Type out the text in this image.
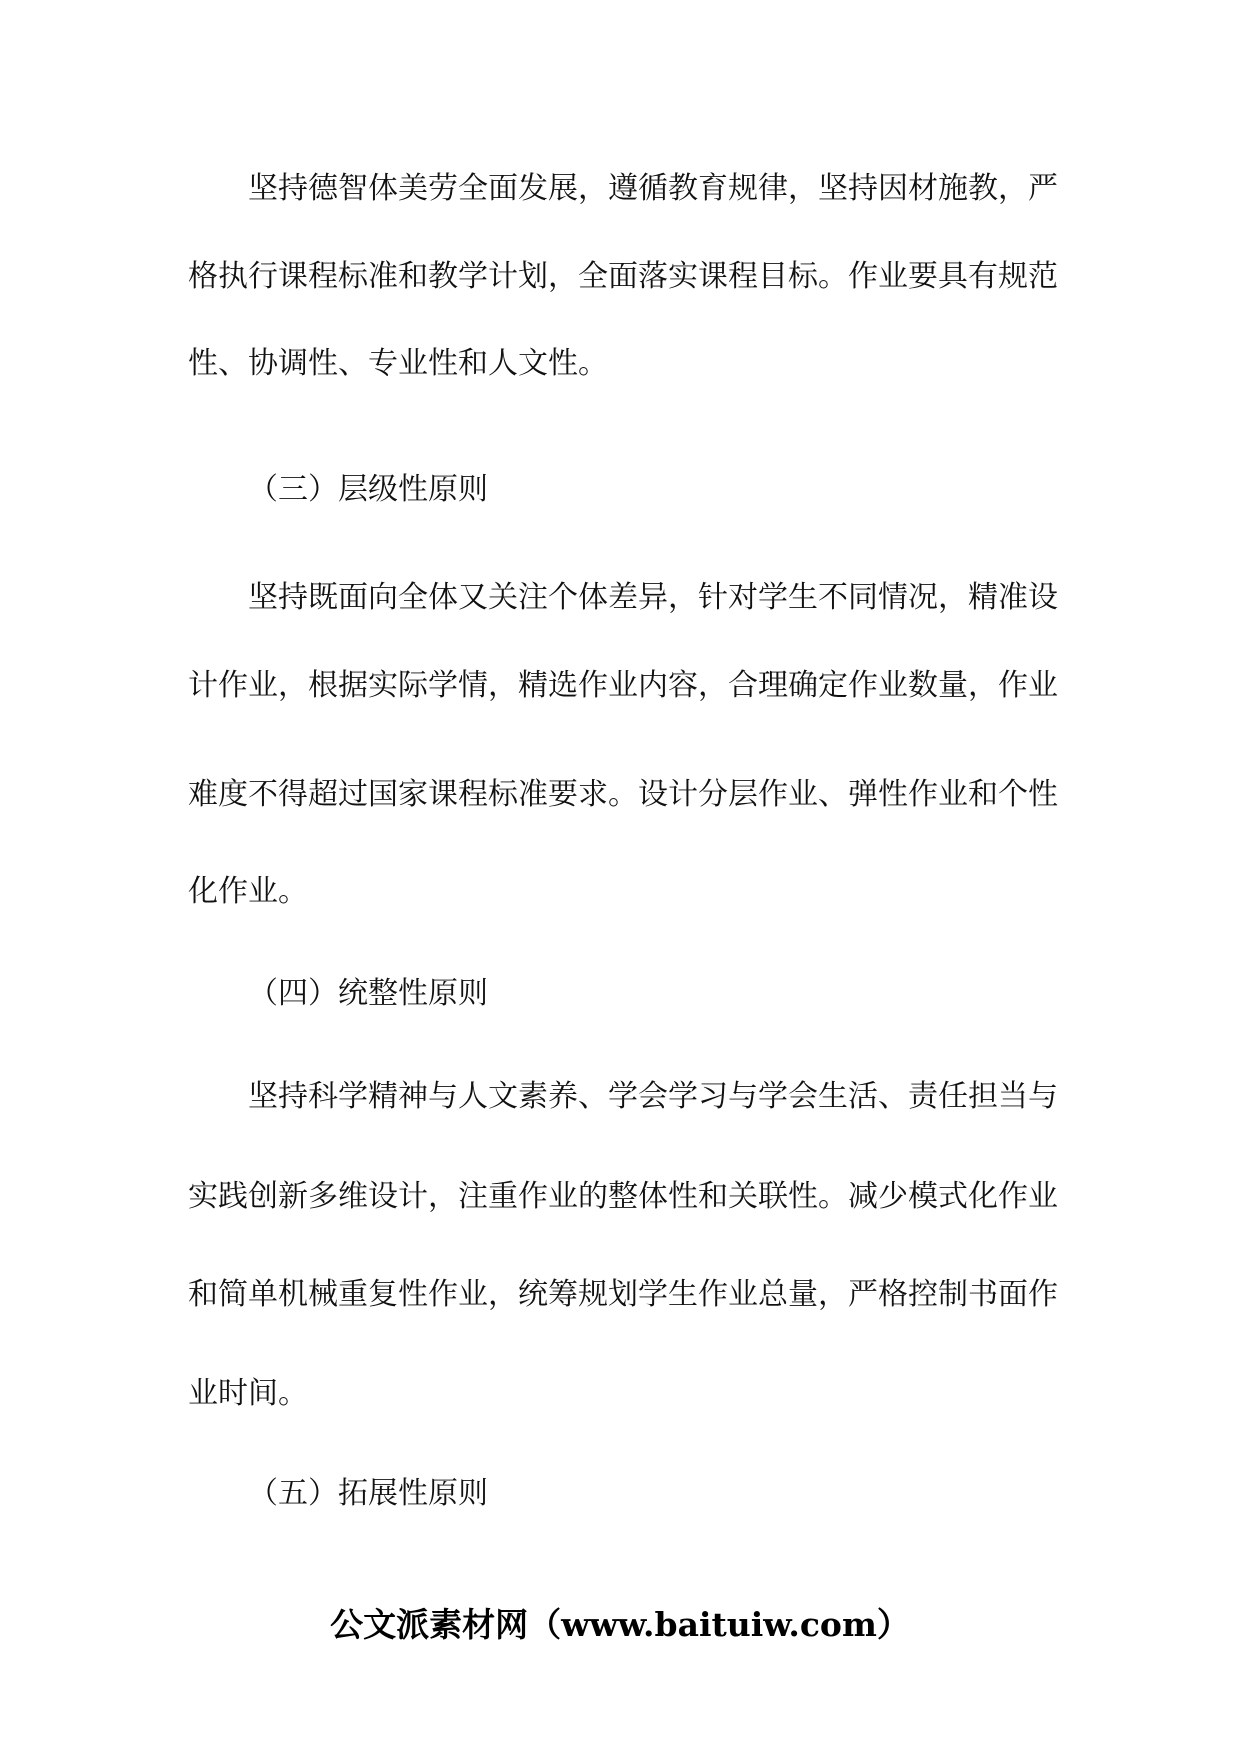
坚持德智体美劳全面发展，遵循教育规律，坚持因材施教，严
格执行课程标准和教学计划，全面落实课程目标。作业要具有规范
性、协调性、专业性和人文性。
（三）层级性原则
坚持既面向全体又关注个体差异，针对学生不同情况，精准设
计作业，根据实际学情，精选作业内容，合理确定作业数量，作业
难度不得超过国家课程标准要求。设计分层作业、弹性作业和个性
化作业。
（四）统整性原则
坚持科学精神与人文素养、学会学习与学会生活、责任担当与
实践创新多维设计，注重作业的整体性和关联性。减少模式化作业
和简单机械重复性作业，统筹规划学生作业总量，严格控制书面作
业时间。
（五）拓展性原则
公文派素材网（www.baituiw.com）
